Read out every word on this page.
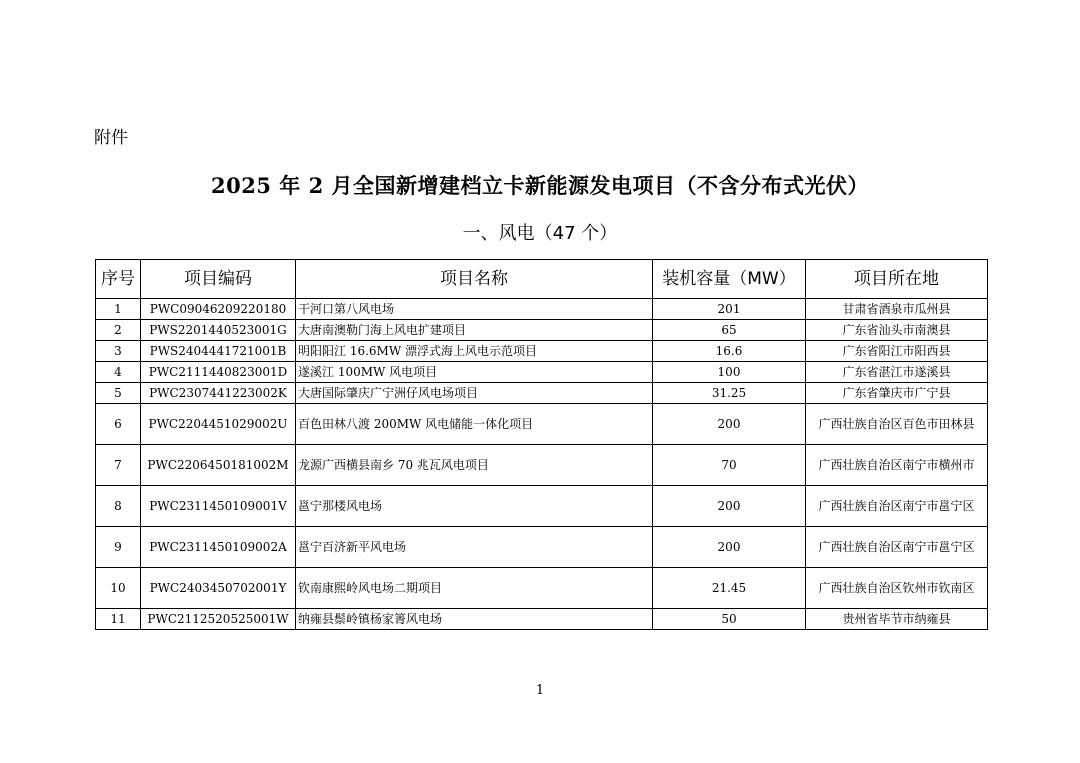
附件
2025 年 2 月全国新增建档立卡新能源发电项目（不含分布式光伏）
一、风电（47 个）
序号	项目编码	项目名称	装机容量（MW）	项目所在地
1	PWC09046209220180	干河口第八风电场	201	甘肃省酒泉市瓜州县
2	PWS2201440523001G	大唐南澳勒门海上风电扩建项目	65	广东省汕头市南澳县
3	PWS2404441721001B	明阳阳江 16.6MW 漂浮式海上风电示范项目	16.6	广东省阳江市阳西县
4	PWC2111440823001D	遂溪江 100MW 风电项目	100	广东省湛江市遂溪县
5	PWC2307441223002K	大唐国际肇庆广宁洲仔风电场项目	31.25	广东省肇庆市广宁县
6	PWC2204451029002U	百色田林八渡 200MW 风电储能一体化项目	200	广西壮族自治区百色市田林县
7	PWC2206450181002M	龙源广西横县南乡 70 兆瓦风电项目	70	广西壮族自治区南宁市横州市
8	PWC2311450109001V	邕宁那楼风电场	200	广西壮族自治区南宁市邕宁区
9	PWC2311450109002A	邕宁百济新平风电场	200	广西壮族自治区南宁市邕宁区
10	PWC2403450702001Y	钦南康熙岭风电场二期项目	21.45	广西壮族自治区钦州市钦南区
11	PWC2112520525001W	纳雍县鬃岭镇杨家箐风电场	50	贵州省毕节市纳雍县
1
